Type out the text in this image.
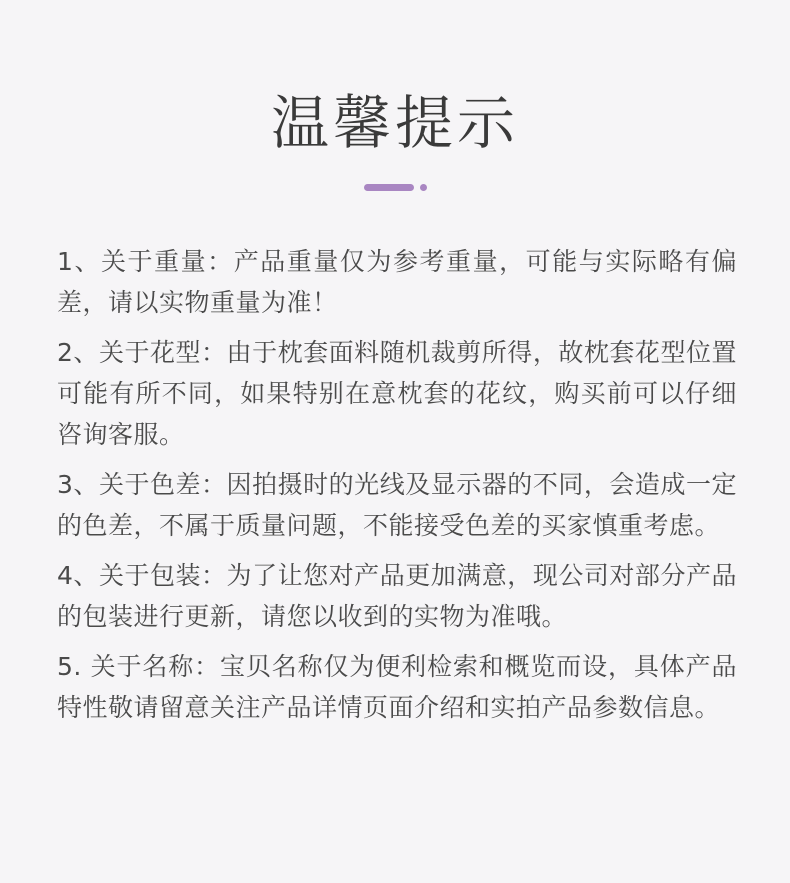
温馨提示

1、关于重量：产品重量仅为参考重量，可能与实际略有偏差，请以实物重量为准！

2、关于花型：由于枕套面料随机裁剪所得，故枕套花型位置可能有所不同，如果特别在意枕套的花纹，购买前可以仔细咨询客服。

3、关于色差：因拍摄时的光线及显示器的不同，会造成一定的色差，不属于质量问题，不能接受色差的买家慎重考虑。

4、关于包装：为了让您对产品更加满意，现公司对部分产品的包装进行更新，请您以收到的实物为准哦。

5. 关于名称：宝贝名称仅为便利检索和概览而设，具体产品特性敬请留意关注产品详情页面介绍和实拍产品参数信息。
